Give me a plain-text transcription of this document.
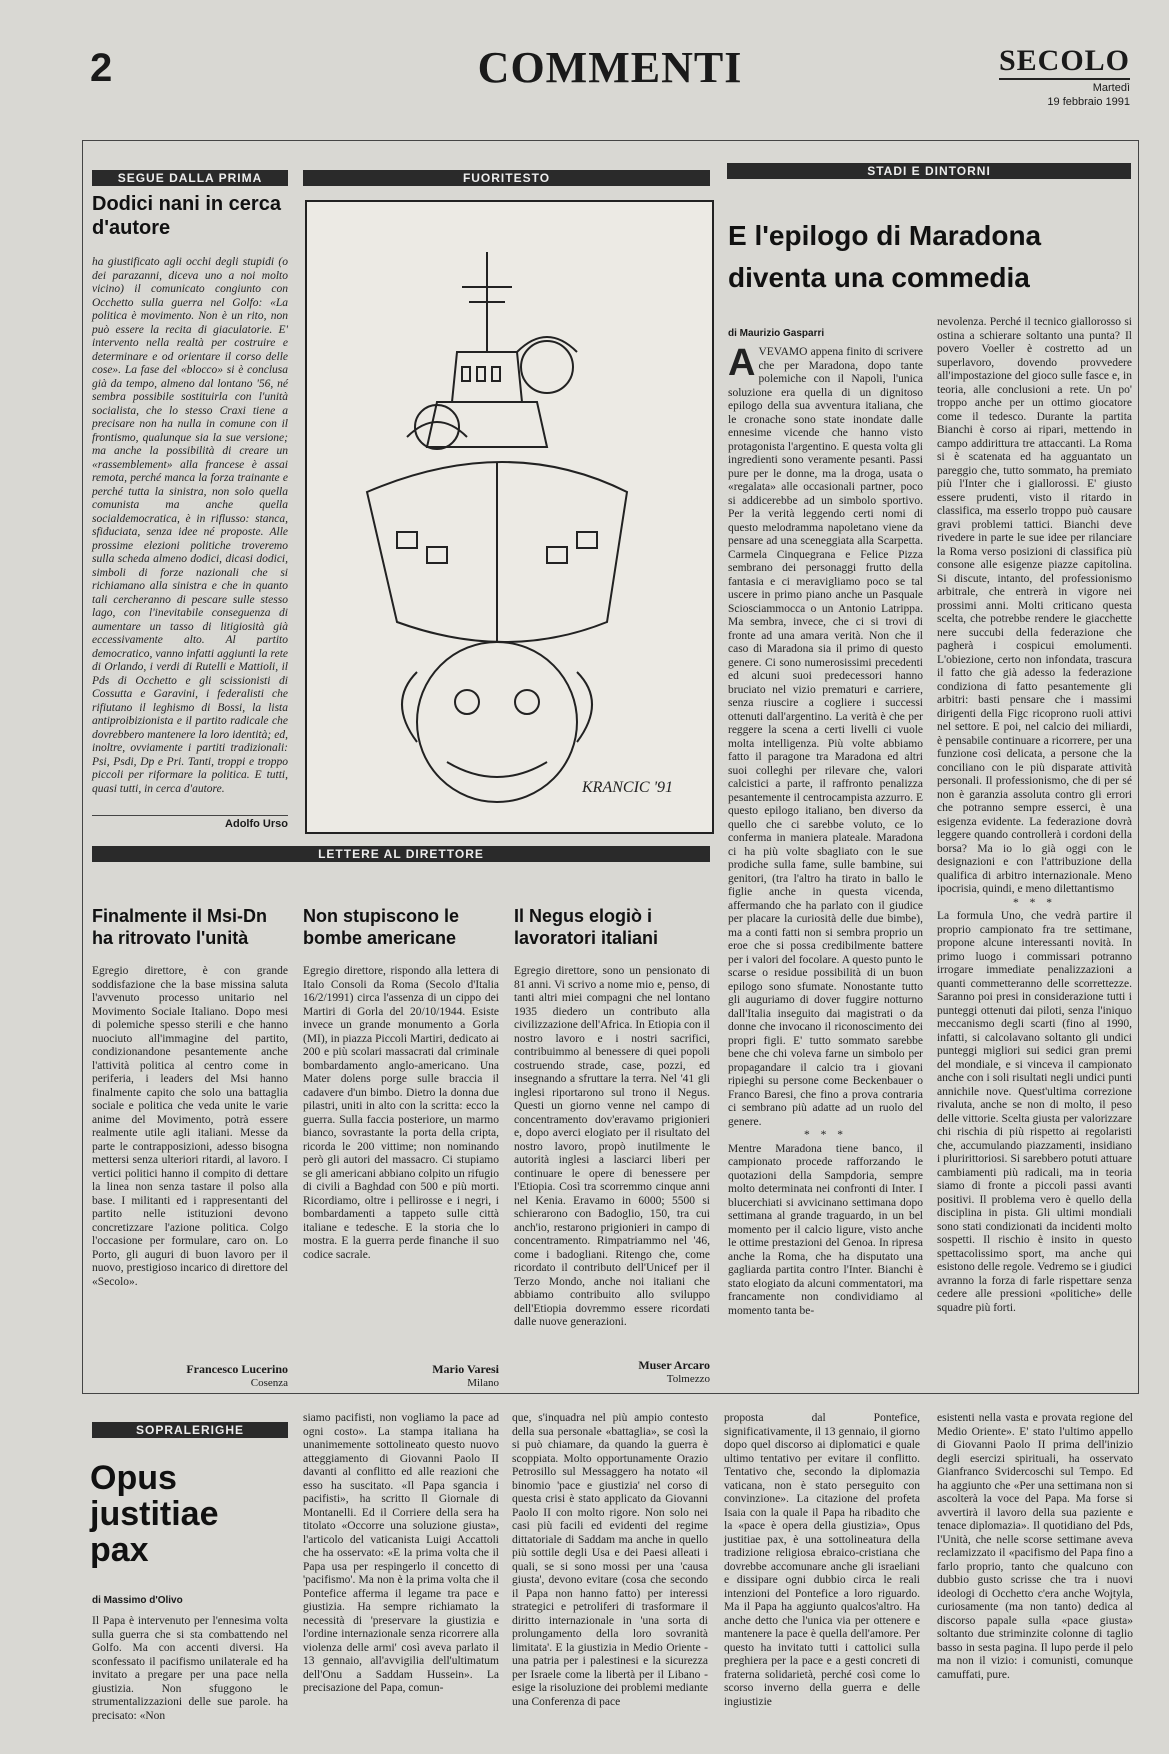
2	COMMENTI	SECOLO
Martedì
19 febbraio 1991
SEGUE DALLA PRIMA
Dodici nani in cerca d'autore
ha giustificato agli occhi degli stupidi (o dei parazanni, diceva uno a noi molto vicino) il comunicato congiunto con Occhetto sulla guerra nel Golfo: «La politica è movimento. Non è un rito, non può essere la recita di giaculatorie. E' intervento nella realtà per costruire e determinare e od orientare il corso delle cose». La fase del «blocco» si è conclusa già da tempo, almeno dal lontano '56, né sembra possibile sostituirla con l'unità socialista, che lo stesso Craxi tiene a precisare non ha nulla in comune con il frontismo, qualunque sia la sue versione; ma anche la possibilità di creare un «rassemblement» alla francese è assai remota, perché manca la forza trainante e perché tutta la sinistra, non solo quella comunista ma anche quella socialdemocratica, è in riflusso: stanca, sfiduciata, senza idee né proposte. Alle prossime elezioni politiche troveremo sulla scheda almeno dodici, dicasi dodici, simboli di forze nazionali che si richiamano alla sinistra e che in quanto tali cercheranno di pescare sulle stesso lago, con l'inevitabile conseguenza di aumentare un tasso di litigiosità già eccessivamente alto. Al partito democratico, vanno infatti aggiunti la rete di Orlando, i verdi di Rutelli e Mattioli, il Pds di Occhetto e gli scissionisti di Cossutta e Garavini, i federalisti che rifiutano il leghismo di Bossi, la lista antiproibizionista e il partito radicale che dovrebbero mantenere la loro identità; ed, inoltre, ovviamente i partiti tradizionali: Psi, Psdi, Dp e Pri. Tanti, troppi e troppo piccoli per riformare la politica. E tutti, quasi tutti, in cerca d'autore.
Adolfo Urso
FUORITESTO
KRANCIC '91
STADI E DINTORNI
E l'epilogo di Maradona diventa una commedia
di Maurizio Gasparri
AVEVAMO appena finito di scrivere che per Maradona, dopo tante polemiche con il Napoli, l'unica soluzione era quella di un dignitoso epilogo della sua avventura italiana, che le cronache sono state inondate dalle ennesime vicende che hanno visto protagonista l'argentino. E questa volta gli ingredienti sono veramente pesanti. Passi pure per le donne, ma la droga, usata o «regalata» alle occasionali partner, poco si addicerebbe ad un simbolo sportivo. Per la verità leggendo certi nomi di questo melodramma napoletano viene da pensare ad una sceneggiata alla Scarpetta. Carmela Cinquegrana e Felice Pizza sembrano dei personaggi frutto della fantasia e ci meravigliamo poco se tal uscere in primo piano anche un Pasquale Sciosciammocca o un Antonio Latrippa. Ma sembra, invece, che ci si trovi di fronte ad una amara verità. Non che il caso di Maradona sia il primo di questo genere. Ci sono numerosissimi precedenti ed alcuni suoi predecessori hanno bruciato nel vizio prematuri e carriere, senza riuscire a cogliere i successi ottenuti dall'argentino. La verità è che per reggere la scena a certi livelli ci vuole molta intelligenza. Più volte abbiamo fatto il paragone tra Maradona ed altri suoi colleghi per rilevare che, valori calcistici a parte, il raffronto penalizza pesantemente il centrocampista azzurro. E questo epilogo italiano, ben diverso da quello che ci sarebbe voluto, ce lo conferma in maniera plateale. Maradona ci ha più volte sbagliato con le sue prodiche sulla fame, sulle bambine, sui genitori, (tra l'altro ha tirato in ballo le figlie anche in questa vicenda, affermando che ha parlato con il giudice per placare la curiosità delle due bimbe), ma a conti fatti non si sembra proprio un eroe che si possa credibilmente battere per i valori del focolare. A questo punto le scarse o residue possibilità di un buon epilogo sono sfumate. Nonostante tutto gli auguriamo di dover fuggire notturno dall'Italia inseguito dai magistrati o da donne che invocano il riconoscimento dei propri figli. E' tutto sommato sarebbe bene che chi voleva farne un simbolo per propagandare il calcio tra i giovani ripieghi su persone come Beckenbauer o Franco Baresi, che fino a prova contraria ci sembrano più adatte ad un ruolo del genere.
* * *
Mentre Maradona tiene banco, il campionato procede rafforzando le quotazioni della Sampdoria, sempre molto determinata nei confronti di Inter. I blucerchiati si avvicinano settimana dopo settimana al grande traguardo, in un bel momento per il calcio ligure, visto anche le ottime prestazioni del Genoa. In ripresa anche la Roma, che ha disputato una gagliarda partita contro l'Inter. Bianchi è stato elogiato da alcuni commentatori, ma francamente non condividiamo al momento tanta be-
nevolenza. Perché il tecnico giallorosso si ostina a schierare soltanto una punta? Il povero Voeller è costretto ad un superlavoro, dovendo provvedere all'impostazione del gioco sulle fasce e, in teoria, alle conclusioni a rete. Un po' troppo anche per un ottimo giocatore come il tedesco. Durante la partita Bianchi è corso ai ripari, mettendo in campo addirittura tre attaccanti. La Roma si è scatenata ed ha agguantato un pareggio che, tutto sommato, ha premiato più l'Inter che i giallorossi. E' giusto essere prudenti, visto il ritardo in classifica, ma esserlo troppo può causare gravi problemi tattici. Bianchi deve rivedere in parte le sue idee per rilanciare la Roma verso posizioni di classifica più consone alle esigenze piazze capitolina. Si discute, intanto, del professionismo arbitrale, che entrerà in vigore nei prossimi anni. Molti criticano questa scelta, che potrebbe rendere le giacchette nere succubi della federazione che pagherà i cospicui emolumenti. L'obiezione, certo non infondata, trascura il fatto che già adesso la federazione condiziona di fatto pesantemente gli arbitri: basti pensare che i massimi dirigenti della Figc ricoprono ruoli attivi nel settore. E poi, nel calcio dei miliardi, è pensabile continuare a ricorrere, per una funzione così delicata, a persone che la conciliano con le più disparate attività personali. Il professionismo, che di per sé non è garanzia assoluta contro gli errori che potranno sempre esserci, è una esigenza evidente. La federazione dovrà leggere quando controllerà i cordoni della borsa? Ma io lo già oggi con le designazioni e con l'attribuzione della qualifica di arbitro internazionale. Meno ipocrisia, quindi, e meno dilettantismo
* * *
La formula Uno, che vedrà partire il proprio campionato fra tre settimane, propone alcune interessanti novità. In primo luogo i commissari potranno irrogare immediate penalizzazioni a quanti commetteranno delle scorrettezze. Saranno poi presi in considerazione tutti i punteggi ottenuti dai piloti, senza l'iniquo meccanismo degli scarti (fino al 1990, infatti, si calcolavano soltanto gli undici punteggi migliori sui sedici gran premi del mondiale, e si vinceva il campionato anche con i soli risultati negli undici punti annichile nove. Quest'ultima correzione rivaluta, anche se non di molto, il peso delle vittorie. Scelta giusta per valorizzare chi rischia di più rispetto ai regolaristi che, accumulando piazzamenti, insidiano i pluririttoriosi. Si sarebbero potuti attuare cambiamenti più radicali, ma in teoria siamo di fronte a piccoli passi avanti positivi. Il problema vero è quello della disciplina in pista. Gli ultimi mondiali sono stati condizionati da incidenti molto sospetti. Il rischio è insito in questo spettacolissimo sport, ma anche qui esistono delle regole. Vedremo se i giudici avranno la forza di farle rispettare senza cedere alle pressioni «politiche» delle squadre più forti.
LETTERE AL DIRETTORE
Finalmente il Msi-Dn ha ritrovato l'unità
Egregio direttore, è con grande soddisfazione che la base missina saluta l'avvenuto processo unitario nel Movimento Sociale Italiano. Dopo mesi di polemiche spesso sterili e che hanno nuociuto all'immagine del partito, condizionandone pesantemente anche l'attività politica al centro come in periferia, i leaders del Msi hanno finalmente capito che solo una battaglia sociale e politica che veda unite le varie anime del Movimento, potrà essere realmente utile agli italiani. Messe da parte le contrapposizioni, adesso bisogna mettersi senza ulteriori ritardi, al lavoro. I vertici politici hanno il compito di dettare la linea non senza tastare il polso alla base. I militanti ed i rappresentanti del partito nelle istituzioni devono concretizzare l'azione politica. Colgo l'occasione per formulare, caro on. Lo Porto, gli auguri di buon lavoro per il nuovo, prestigioso incarico di direttore del «Secolo».
Francesco Lucerino
Cosenza
Non stupiscono le bombe americane
Egregio direttore, rispondo alla lettera di Italo Consoli da Roma (Secolo d'Italia 16/2/1991) circa l'assenza di un cippo dei Martiri di Gorla del 20/10/1944. Esiste invece un grande monumento a Gorla (MI), in piazza Piccoli Martiri, dedicato ai 200 e più scolari massacrati dal criminale bombardamento anglo-americano. Una Mater dolens porge sulle braccia il cadavere d'un bimbo. Dietro la donna due pilastri, uniti in alto con la scritta: ecco la guerra. Sulla faccia posteriore, un marmo bianco, sovrastante la porta della cripta, ricorda le 200 vittime; non nominando però gli autori del massacro. Ci stupiamo se gli americani abbiano colpito un rifugio di civili a Baghdad con 500 e più morti. Ricordiamo, oltre i pellirosse e i negri, i bombardamenti a tappeto sulle città italiane e tedesche. E la storia che lo mostra. E la guerra perde finanche il suo codice sacrale.
Mario Varesi
Milano
Il Negus elogiò i lavoratori italiani
Egregio direttore, sono un pensionato di 81 anni. Vi scrivo a nome mio e, penso, di tanti altri miei compagni che nel lontano 1935 diedero un contributo alla civilizzazione dell'Africa. In Etiopia con il nostro lavoro e i nostri sacrifici, contribuimmo al benessere di quei popoli costruendo strade, case, pozzi, ed insegnando a sfruttare la terra. Nel '41 gli inglesi riportarono sul trono il Negus. Questi un giorno venne nel campo di concentramento dov'eravamo prigionieri e, dopo averci elogiato per il risultato del nostro lavoro, propò inutilmente le autorità inglesi a lasciarci liberi per continuare le opere di benessere per l'Etiopia. Così tra scorremmo cinque anni nel Kenia. Eravamo in 6000; 5500 si schierarono con Badoglio, 150, tra cui anch'io, restarono prigionieri in campo di concentramento. Rimpatriammo nel '46, come i badogliani. Ritengo che, come ricordato il contributo dell'Unicef per il Terzo Mondo, anche noi italiani che abbiamo contribuito allo sviluppo dell'Etiopia dovremmo essere ricordati dalle nuove generazioni.
Muser Arcaro
Tolmezzo
SOPRALERIGHE
Opus justitiae pax
di Massimo d'Olivo
Il Papa è intervenuto per l'ennesima volta sulla guerra che si sta combattendo nel Golfo. Ma con accenti diversi. Ha sconfessato il pacifismo unilaterale ed ha invitato a pregare per una pace nella giustizia. Non sfuggono le strumentalizzazioni delle sue parole. ha precisato: «Non
siamo pacifisti, non vogliamo la pace ad ogni costo». La stampa italiana ha unanimemente sottolineato questo nuovo atteggiamento di Giovanni Paolo II davanti al conflitto ed alle reazioni che esso ha suscitato. «Il Papa sgancia i pacifisti», ha scritto Il Giornale di Montanelli. Ed il Corriere della sera ha titolato «Occorre una soluzione giusta», l'articolo del vaticanista Luigi Accattoli che ha osservato: «E la prima volta che il Papa usa per respingerlo il concetto di 'pacifismo'. Ma non è la prima volta che il Pontefice afferma il legame tra pace e giustizia. Ha sempre richiamato la necessità di 'preservare la giustizia e l'ordine internazionale senza ricorrere alla violenza delle armi' così aveva parlato il 13 gennaio, all'avvigilia dell'ultimatum dell'Onu a Saddam Hussein». La precisazione del Papa, comun-
que, s'inquadra nel più ampio contesto della sua personale «battaglia», se così la si può chiamare, da quando la guerra è scoppiata. Molto opportunamente Orazio Petrosillo sul Messaggero ha notato «il binomio 'pace e giustizia' nel corso di questa crisi è stato applicato da Giovanni Paolo II con molto rigore. Non solo nei casi più facili ed evidenti del regime dittatoriale di Saddam ma anche in quello più sottile degli Usa e dei Paesi alleati i quali, se si sono mossi per una 'causa giusta', devono evitare (cosa che secondo il Papa non hanno fatto) per interessi strategici e petroliferi di trasformare il diritto internazionale in 'una sorta di prolungamento della loro sovranità limitata'. E la giustizia in Medio Oriente - una patria per i palestinesi e la sicurezza per Israele come la libertà per il Libano - esige la risoluzione dei problemi mediante una Conferenza di pace
proposta dal Pontefice, significativamente, il 13 gennaio, il giorno dopo quel discorso ai diplomatici e quale ultimo tentativo per evitare il conflitto. Tentativo che, secondo la diplomazia vaticana, non è stato perseguito con convinzione». La citazione del profeta Isaia con la quale il Papa ha ribadito che la «pace è opera della giustizia», Opus justitiae pax, è una sottolineatura della tradizione religiosa ebraico-cristiana che dovrebbe accomunare anche gli israeliani e dissipare ogni dubbio circa le reali intenzioni del Pontefice a loro riguardo. Ma il Papa ha aggiunto qualcos'altro. Ha anche detto che l'unica via per ottenere e mantenere la pace è quella dell'amore. Per questo ha invitato tutti i cattolici sulla preghiera per la pace e a gesti concreti di fraterna solidarietà, perché così come lo scorso inverno della guerra e delle ingiustizie
esistenti nella vasta e provata regione del Medio Oriente». E' stato l'ultimo appello di Giovanni Paolo II prima dell'inizio degli esercizi spirituali, ha osservato Gianfranco Svidercoschi sul Tempo. Ed ha aggiunto che «Per una settimana non si ascolterà la voce del Papa. Ma forse si avvertirà il lavoro della sua paziente e tenace diplomazia». Il quotidiano del Pds, l'Unità, che nelle scorse settimane aveva reclamizzato il «pacifismo del Papa fino a farlo proprio, tanto che qualcuno con dubbio gusto scrisse che tra i nuovi ideologi di Occhetto c'era anche Wojtyla, curiosamente (ma non tanto) dedica al discorso papale sulla «pace giusta» soltanto due striminzite colonne di taglio basso in sesta pagina. Il lupo perde il pelo ma non il vizio: i comunisti, comunque camuffati, pure.
